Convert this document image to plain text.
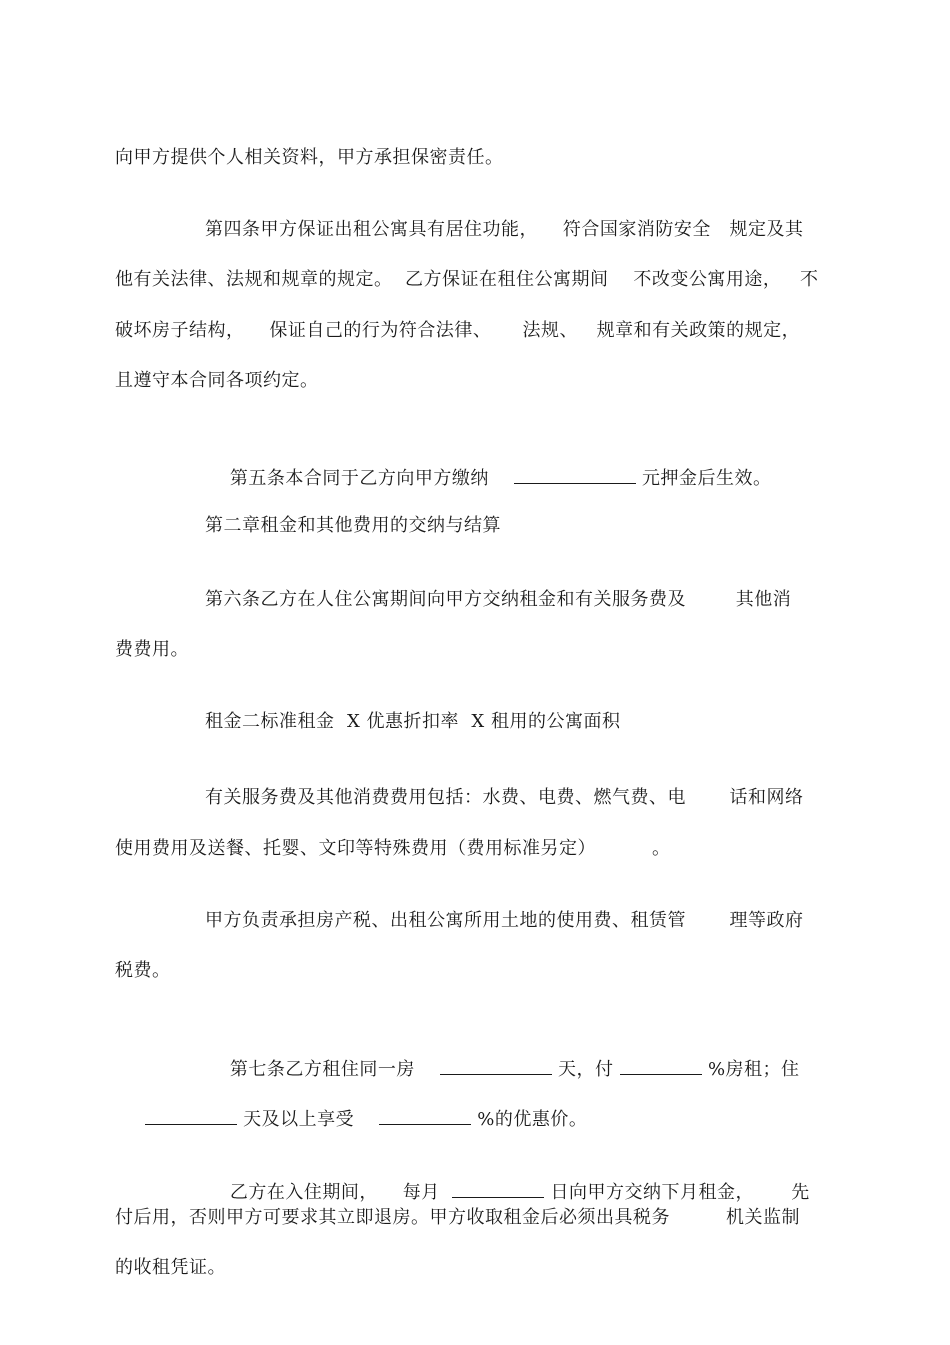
向甲方提供个人相关资料，甲方承担保密责任。
第四条甲方保证出租公寓具有居住功能，    符合国家消防安全   规定及其
他有关法律、法规和规章的规定。  乙方保证在租住公寓期间    不改变公寓用途，   不
破坏房子结构，    保证自己的行为符合法律、     法规、   规章和有关政策的规定，
且遵守本合同各项约定。

第五条本合同于乙方向甲方缴纳	元押金后生效。

第二章租金和其他费用的交纳与结算
第六条乙方在人住公寓期间向甲方交纳租金和有关服务费及        其他消
费费用。
租金二标准租金  X 优惠折扣率  X 租用的公寓面积
有关服务费及其他消费费用包括：水费、电费、燃气费、电       话和网络
使用费用及送餐、托婴、文印等特殊费用（费用标准另定）         。
甲方负责承担房产税、出租公寓所用土地的使用费、租赁管       理等政府
税费。

第七条乙方租住同一房	天，付	%房租；住

天及以上享受	%的优惠价。

乙方在入住期间，    每月	日向甲方交纳下月租金，      先

付后用，否则甲方可要求其立即退房。甲方收取租金后必须出具税务         机关监制
的收租凭证。
